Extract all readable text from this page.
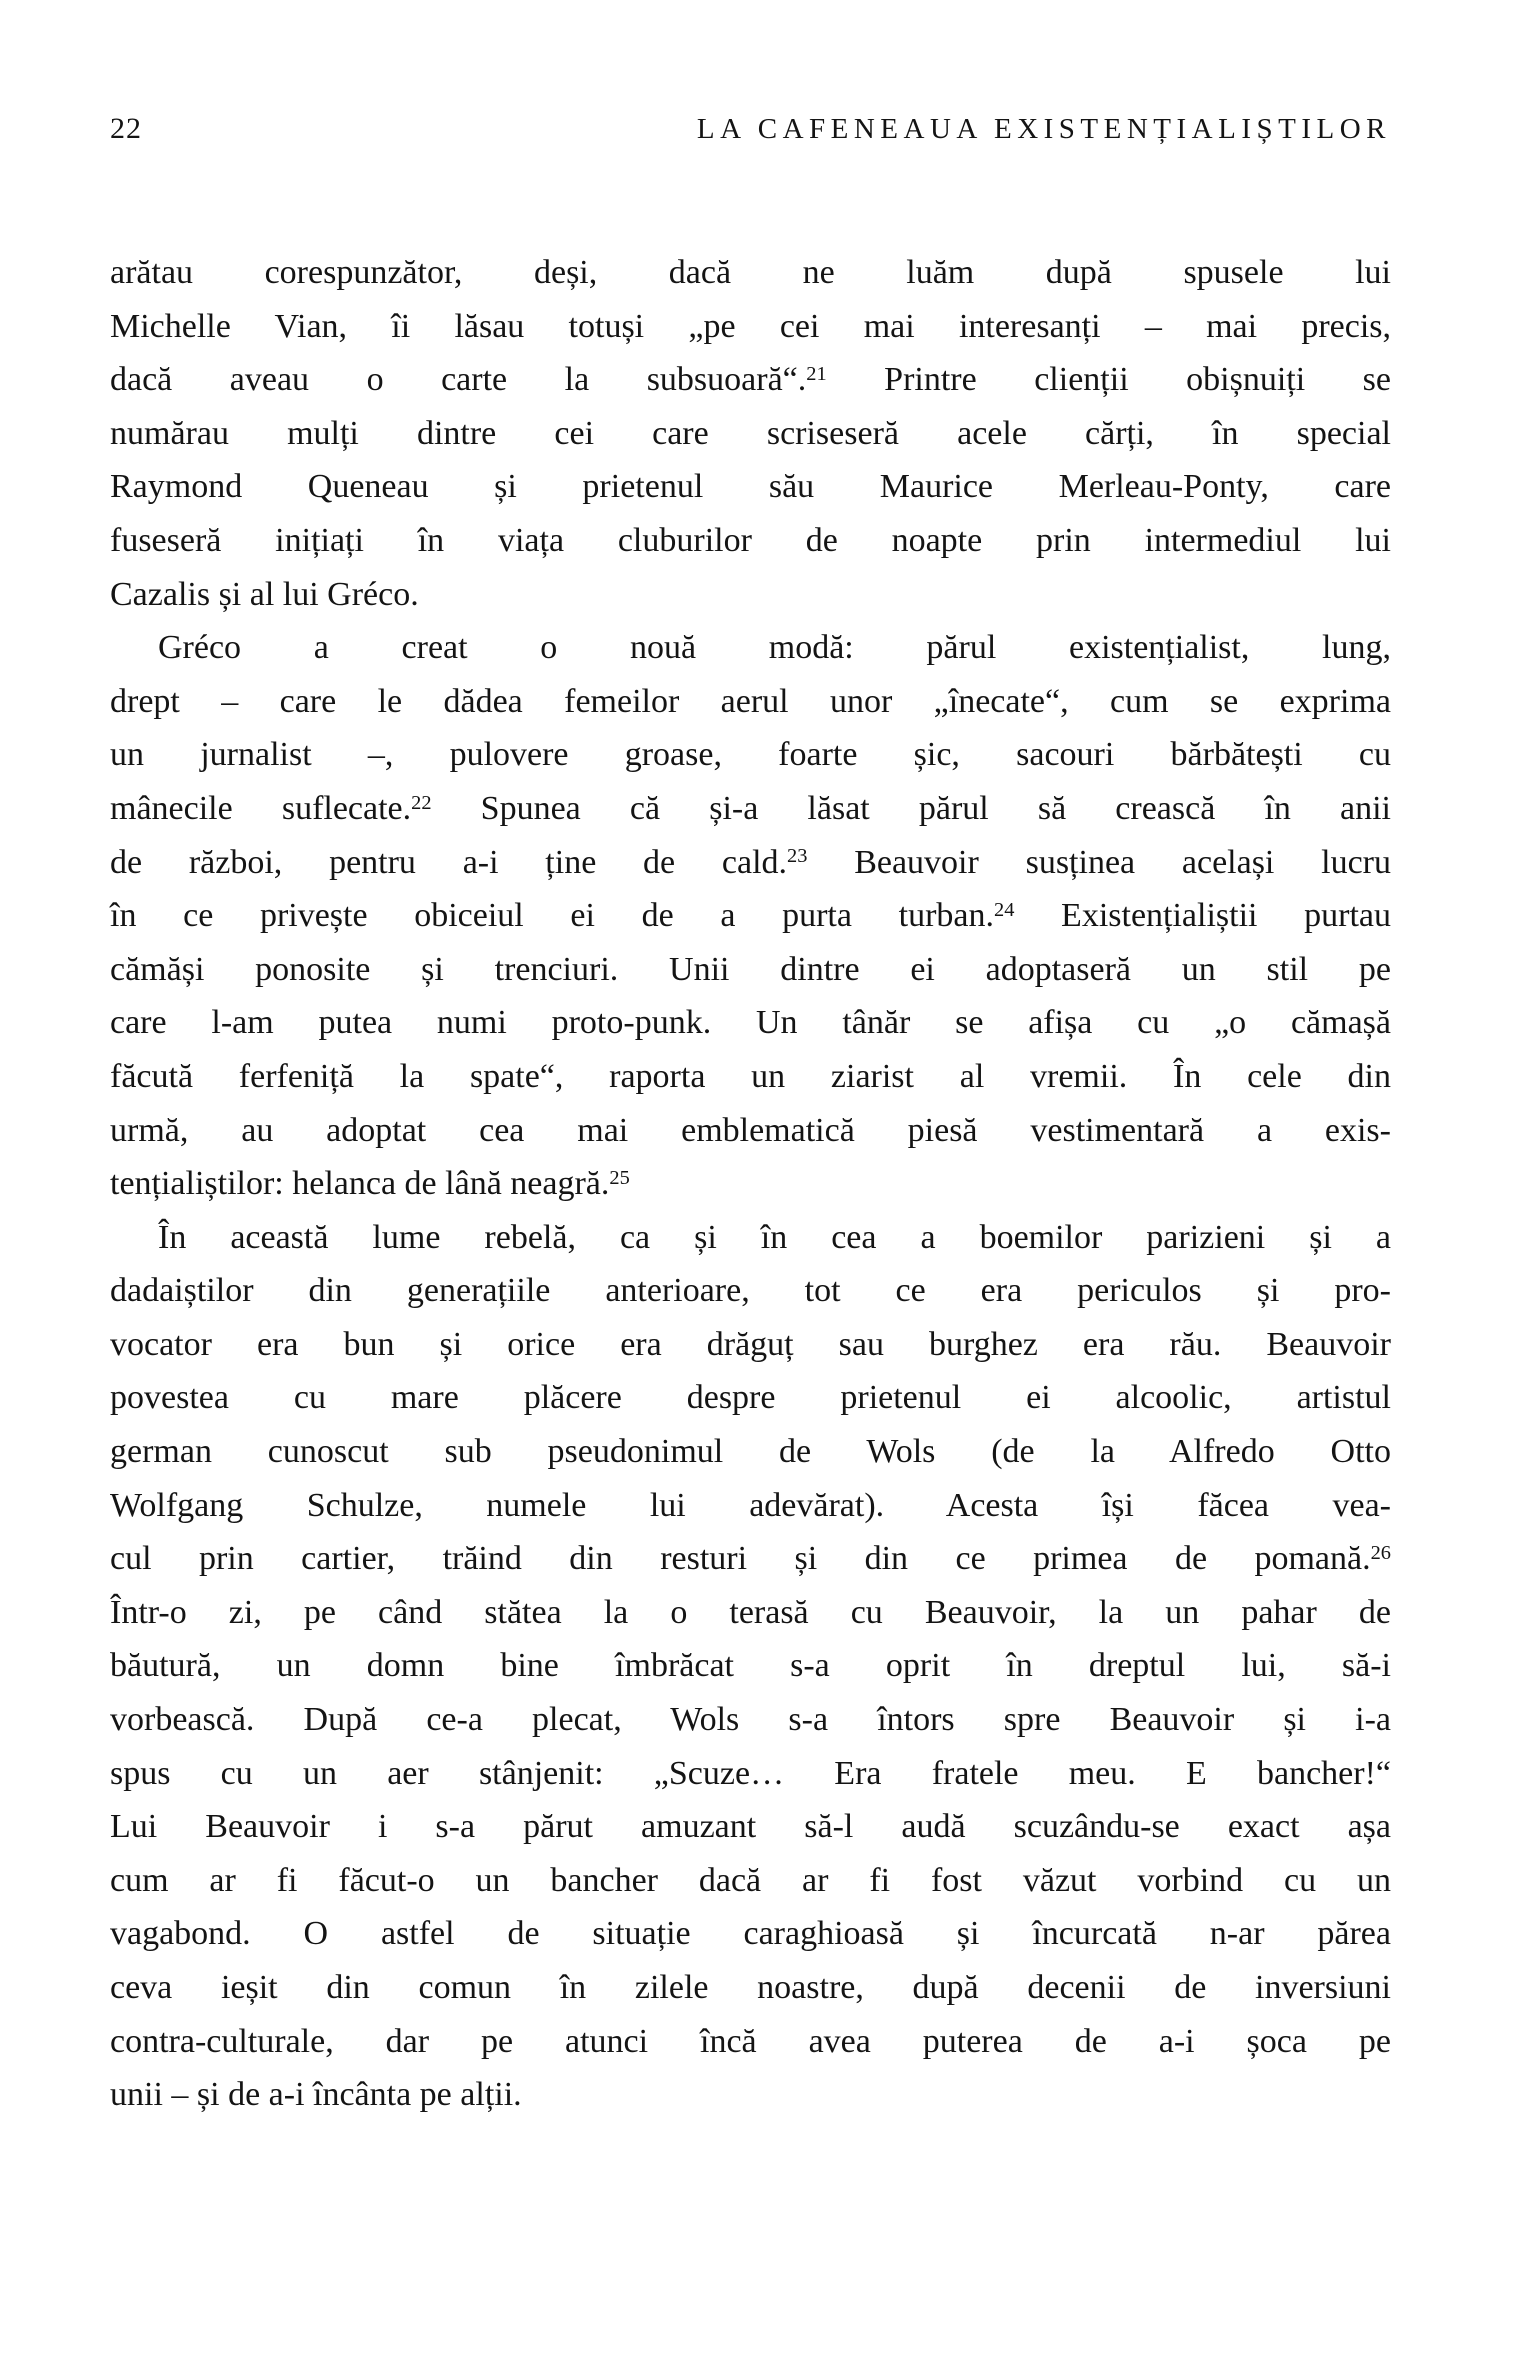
22	LA CAFENEAUA EXISTENȚIALIȘTILOR
arătau corespunzător, deși, dacă ne luăm după spusele lui
Michelle Vian, îi lăsau totuși „pe cei mai interesanți – mai precis,
dacă aveau o carte la subsuoară“.$^{21}$ Printre clienții obișnuiți se
numărau mulți dintre cei care scriseseră acele cărți, în special
Raymond Queneau și prietenul său Maurice Merleau-Ponty, care
fuseseră inițiați în viața cluburilor de noapte prin intermediul lui
Cazalis și al lui Gréco.
Gréco a creat o nouă modă: părul existențialist, lung,
drept – care le dădea femeilor aerul unor „înecate“, cum se exprima
un jurnalist –, pulovere groase, foarte șic, sacouri bărbătești cu
mânecile suflecate.$^{22}$ Spunea că și-a lăsat părul să crească în anii
de război, pentru a-i ține de cald.$^{23}$ Beauvoir susținea același lucru
în ce privește obiceiul ei de a purta turban.$^{24}$ Existențialiștii purtau
cămăși ponosite și trenciuri. Unii dintre ei adoptaseră un stil pe
care l-am putea numi proto-punk. Un tânăr se afișa cu „o cămașă
făcută ferfeniță la spate“, raporta un ziarist al vremii. În cele din
urmă, au adoptat cea mai emblematică piesă vestimentară a exis-
tențialiștilor: helanca de lână neagră.$^{25}$
În această lume rebelă, ca și în cea a boemilor parizieni și a
dadaiștilor din generațiile anterioare, tot ce era periculos și pro-
vocator era bun și orice era drăguț sau burghez era rău. Beauvoir
povestea cu mare plăcere despre prietenul ei alcoolic, artistul
german cunoscut sub pseudonimul de Wols (de la Alfredo Otto
Wolfgang Schulze, numele lui adevărat). Acesta își făcea vea-
cul prin cartier, trăind din resturi și din ce primea de pomană.$^{26}$
Într-o zi, pe când stătea la o terasă cu Beauvoir, la un pahar de
băutură, un domn bine îmbrăcat s-a oprit în dreptul lui, să-i
vorbească. După ce-a plecat, Wols s-a întors spre Beauvoir și i-a
spus cu un aer stânjenit: „Scuze… Era fratele meu. E bancher!“
Lui Beauvoir i s-a părut amuzant să-l audă scuzându-se exact așa
cum ar fi făcut-o un bancher dacă ar fi fost văzut vorbind cu un
vagabond. O astfel de situație caraghioasă și încurcată n-ar părea
ceva ieșit din comun în zilele noastre, după decenii de inversiuni
contra-culturale, dar pe atunci încă avea puterea de a-i șoca pe
unii – și de a-i încânta pe alții.
